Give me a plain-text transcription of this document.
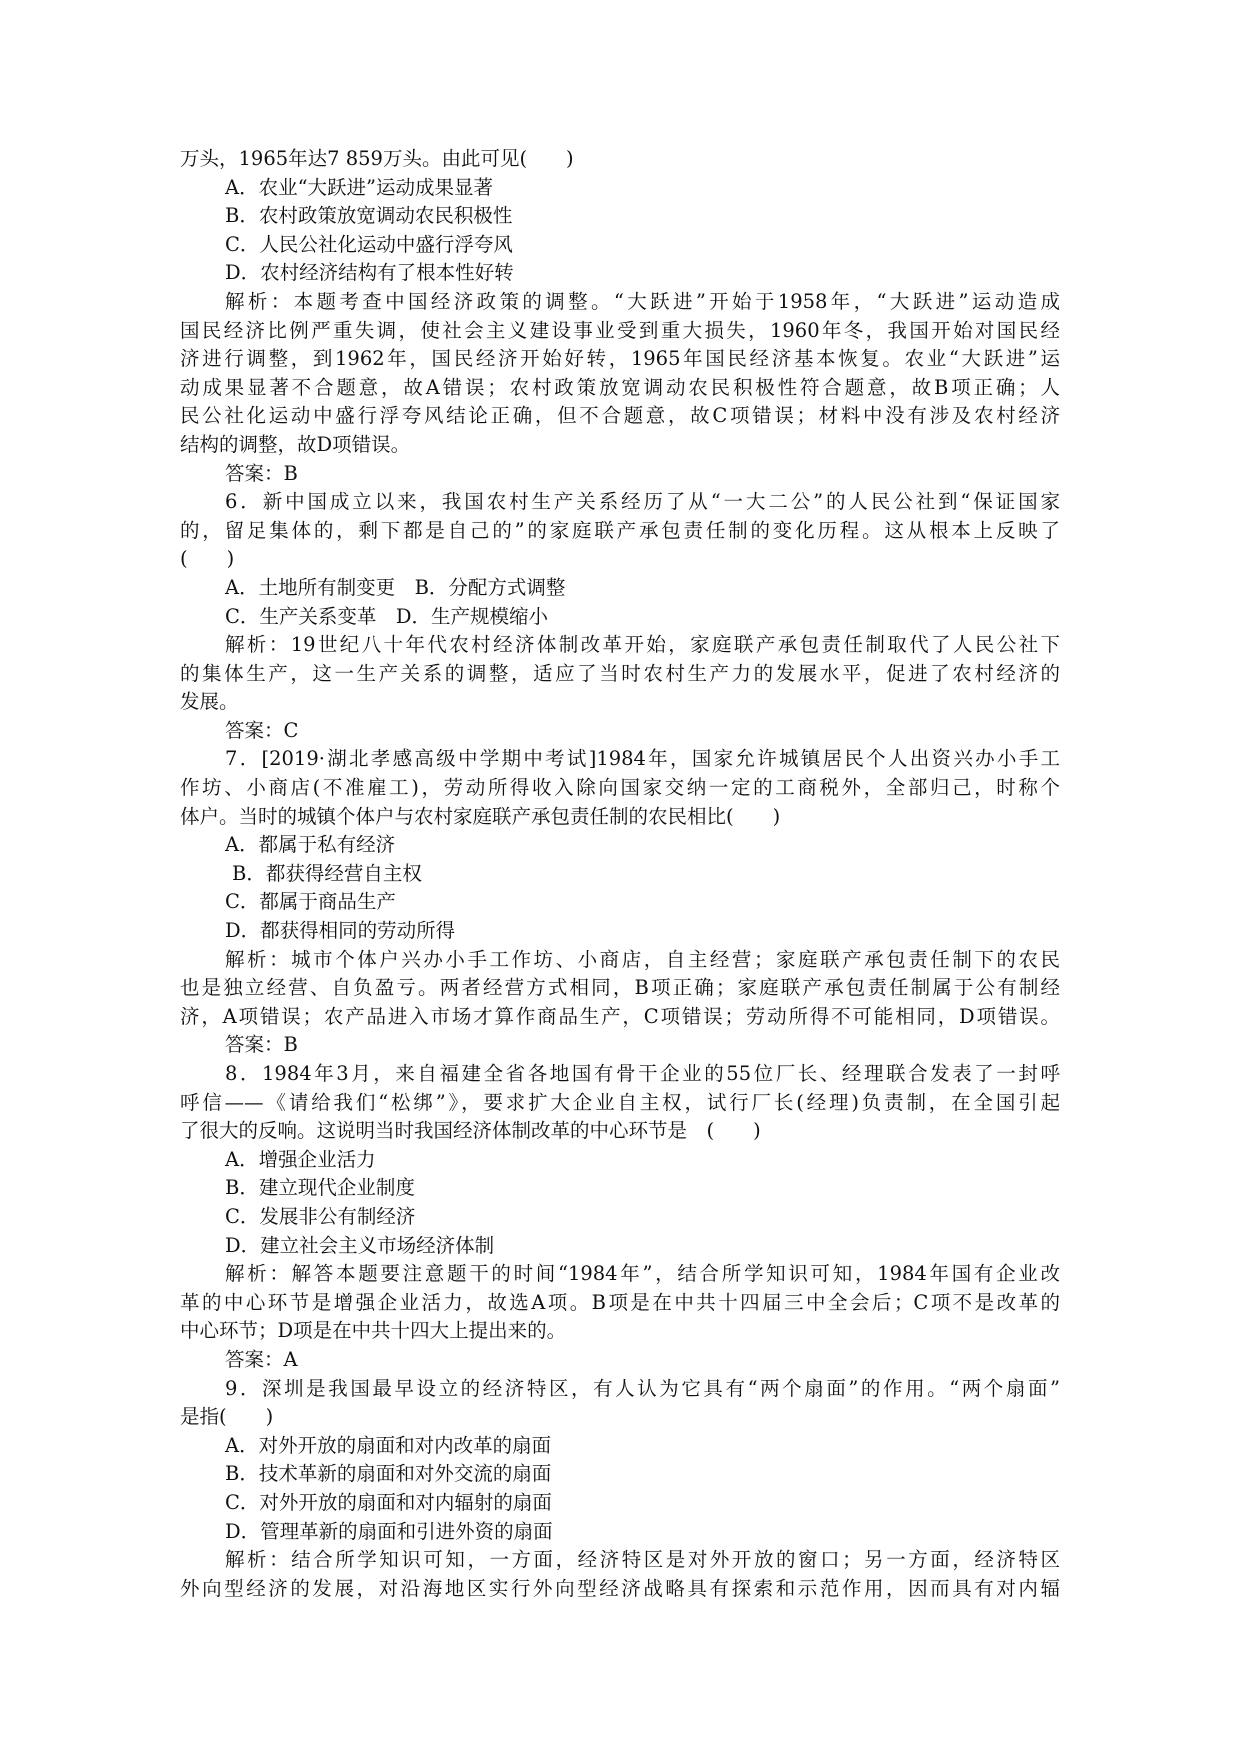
万头，1965年达7 859万头。由此可见(　　)
A．农业“大跃进”运动成果显著
B．农村政策放宽调动农民积极性
C．人民公社化运动中盛行浮夸风
D．农村经济结构有了根本性好转
解析：本题考查中国经济政策的调整。“大跃进”开始于1958年，“大跃进”运动造成
国民经济比例严重失调，使社会主义建设事业受到重大损失，1960年冬，我国开始对国民经
济进行调整，到1962年，国民经济开始好转，1965年国民经济基本恢复。农业“大跃进”运
动成果显著不合题意，故A错误；农村政策放宽调动农民积极性符合题意，故B项正确；人
民公社化运动中盛行浮夸风结论正确，但不合题意，故C项错误；材料中没有涉及农村经济
结构的调整，故D项错误。
答案：B
6．新中国成立以来，我国农村生产关系经历了从“一大二公”的人民公社到“保证国家
的，留足集体的，剩下都是自己的”的家庭联产承包责任制的变化历程。这从根本上反映了
(　　)
A．土地所有制变更　B．分配方式调整
C．生产关系变革　D．生产规模缩小
解析：19世纪八十年代农村经济体制改革开始，家庭联产承包责任制取代了人民公社下
的集体生产，这一生产关系的调整，适应了当时农村生产力的发展水平，促进了农村经济的
发展。
答案：C
7．[2019·湖北孝感高级中学期中考试]1984年，国家允许城镇居民个人出资兴办小手工
作坊、小商店(不准雇工)，劳动所得收入除向国家交纳一定的工商税外，全部归己，时称个
体户。当时的城镇个体户与农村家庭联产承包责任制的农民相比(　　)
A．都属于私有经济
B．都获得经营自主权
C．都属于商品生产
D．都获得相同的劳动所得
解析：城市个体户兴办小手工作坊、小商店，自主经营；家庭联产承包责任制下的农民
也是独立经营、自负盈亏。两者经营方式相同，B项正确；家庭联产承包责任制属于公有制经
济，A项错误；农产品进入市场才算作商品生产，C项错误；劳动所得不可能相同，D项错误。
答案：B
8．1984年3月，来自福建全省各地国有骨干企业的55位厂长、经理联合发表了一封呼
呼信——《请给我们“松绑”》，要求扩大企业自主权，试行厂长(经理)负责制，在全国引起
了很大的反响。这说明当时我国经济体制改革的中心环节是　(　　)
A．增强企业活力
B．建立现代企业制度
C．发展非公有制经济
D．建立社会主义市场经济体制
解析：解答本题要注意题干的时间“1984年”，结合所学知识可知，1984年国有企业改
革的中心环节是增强企业活力，故选A项。B项是在中共十四届三中全会后；C项不是改革的
中心环节；D项是在中共十四大上提出来的。
答案：A
9．深圳是我国最早设立的经济特区，有人认为它具有“两个扇面”的作用。“两个扇面”
是指(　　)
A．对外开放的扇面和对内改革的扇面
B．技术革新的扇面和对外交流的扇面
C．对外开放的扇面和对内辐射的扇面
D．管理革新的扇面和引进外资的扇面
解析：结合所学知识可知，一方面，经济特区是对外开放的窗口；另一方面，经济特区
外向型经济的发展，对沿海地区实行外向型经济战略具有探索和示范作用，因而具有对内辐
